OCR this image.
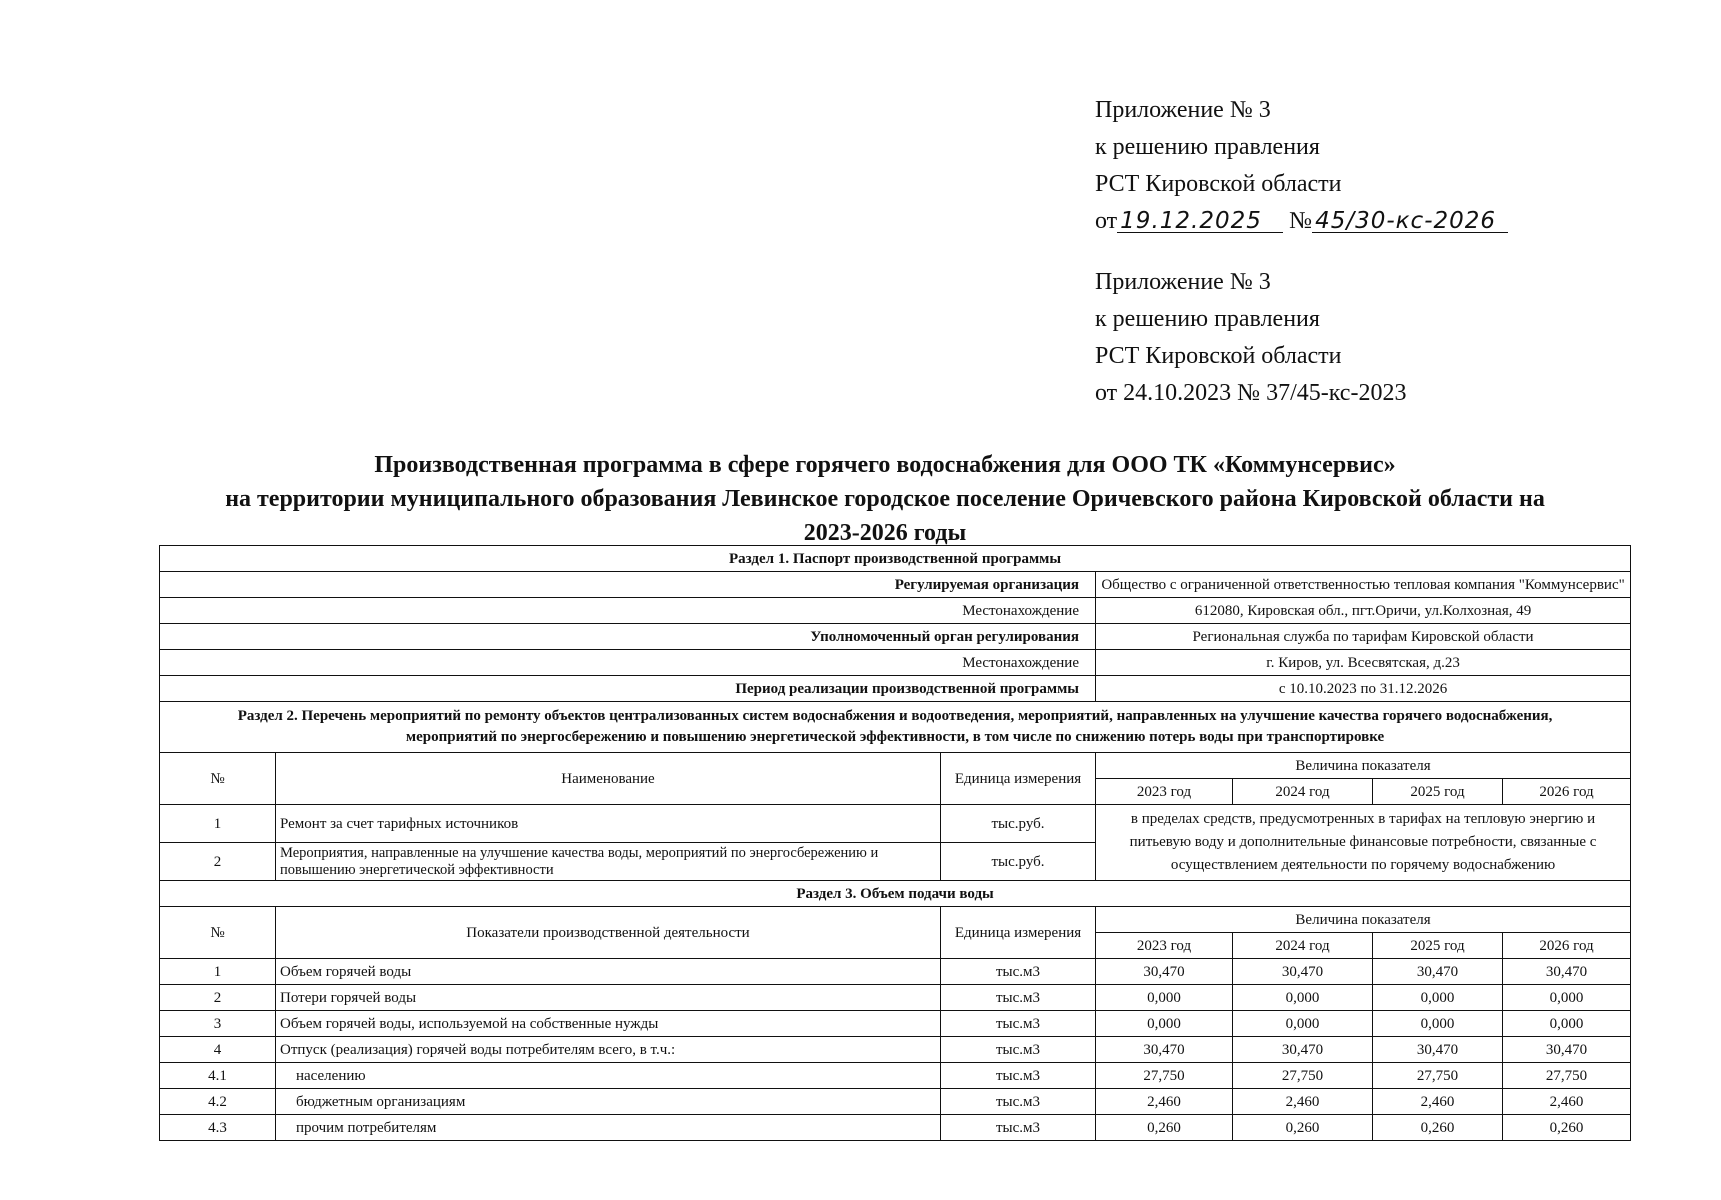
Приложение № 3
к решению правления
РСТ Кировской области
от 19.12.2025 № 45/30-кс-2026
Приложение № 3
к решению правления
РСТ Кировской области
от 24.10.2023 № 37/45-кс-2023
Производственная программа в сфере горячего водоснабжения для ООО ТК «Коммунсервис»
на территории муниципального образования Левинское городское поселение Оричевского района Кировской области на
2023-2026 годы
Раздел 1. Паспорт производственной программы						
Регулируемая организация			Общество с ограниченной ответственностью тепловая компания "Коммунсервис"			
Местонахождение			612080, Кировская обл., пгт.Оричи, ул.Колхозная, 49			
Уполномоченный орган регулирования			Региональная служба по тарифам Кировской области			
Местонахождение			г. Киров, ул. Всесвятская, д.23			
Период реализации производственной программы			с 10.10.2023 по 31.12.2026			
Раздел 2. Перечень мероприятий по ремонту объектов централизованных систем водоснабжения и водоотведения, мероприятий, направленных на улучшение качества горячего водоснабжения, мероприятий по энергосбережению и повышению энергетической эффективности, в том числе по снижению потерь воды при транспортировке						
№	Наименование	Единица измерения	Величина показателя			
			2023 год	2024 год	2025 год	2026 год
1	Ремонт за счет тарифных источников	тыс.руб.	в пределах средств, предусмотренных в тарифах на тепловую энергию и питьевую воду и дополнительные финансовые потребности, связанные с осуществлением деятельности по горячему водоснабжению			
2	Мероприятия, направленные на улучшение качества воды, мероприятий по энергосбережению и повышению энергетической эффективности	тыс.руб.				
Раздел 3. Объем подачи воды						
№	Показатели производственной деятельности	Единица измерения	Величина показателя			
			2023 год	2024 год	2025 год	2026 год
1	Объем горячей воды	тыс.м3	30,470	30,470	30,470	30,470
2	Потери горячей воды	тыс.м3	0,000	0,000	0,000	0,000
3	Объем горячей воды, используемой на собственные нужды	тыс.м3	0,000	0,000	0,000	0,000
4	Отпуск (реализация) горячей воды потребителям всего, в т.ч.:	тыс.м3	30,470	30,470	30,470	30,470
4.1	населению	тыс.м3	27,750	27,750	27,750	27,750
4.2	бюджетным организациям	тыс.м3	2,460	2,460	2,460	2,460
4.3	прочим потребителям	тыс.м3	0,260	0,260	0,260	0,260
